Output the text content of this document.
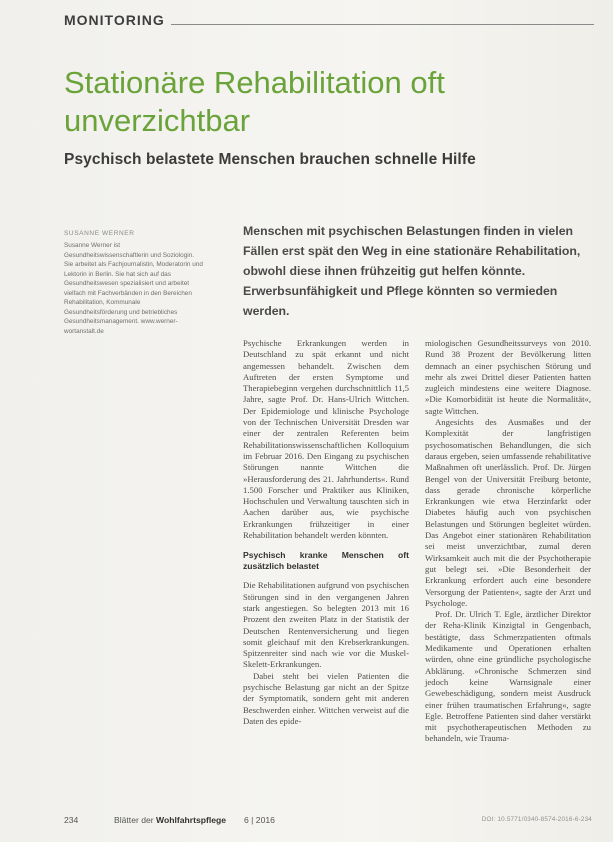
MONITORING
Stationäre Rehabilitation oft unverzichtbar
Psychisch belastete Menschen brauchen schnelle Hilfe
SUSANNE WERNER
Susanne Werner ist Gesundheitswissenschaftlerin und Soziologin. Sie arbeitet als Fachjournalistin, Moderatorin und Lektorin in Berlin. Sie hat sich auf das Gesundheitswesen spezialisiert und arbeitet vielfach mit Fachverbänden in den Bereichen Rehabilitation, Kommunale Gesundheitsförderung und betriebliches Gesundheitsmanagement. www.werner-wortanstalt.de
Menschen mit psychischen Belastungen finden in vielen Fällen erst spät den Weg in eine stationäre Rehabilitation, obwohl diese ihnen frühzeitig gut helfen könnte. Erwerbsunfähigkeit und Pflege könnten so vermieden werden.

Psychische Erkrankungen werden in Deutschland zu spät erkannt und nicht angemessen behandelt. Zwischen dem Auftreten der ersten Symptome und Therapiebeginn vergehen durchschnittlich 11,5 Jahre, sagte Prof. Dr. Hans-Ulrich Wittchen. Der Epidemiologe und klinische Psychologe von der Technischen Universität Dresden war einer der zentralen Referenten beim Rehabilitationswissenschaftlichen Kolloquium im Februar 2016. Den Eingang zu psychischen Störungen nannte Wittchen die »Herausforderung des 21. Jahrhunderts«. Rund 1.500 Forscher und Praktiker aus Kliniken, Hochschulen und Verwaltung tauschten sich in Aachen darüber aus, wie psychische Erkrankungen frühzeitiger in einer Rehabilitation behandelt werden könnten.

Psychisch kranke Menschen oft zusätzlich belastet

Die Rehabilitationen aufgrund von psychischen Störungen sind in den vergangenen Jahren stark angestiegen. So belegten 2013 mit 16 Prozent den zweiten Platz in der Statistik der Deutschen Rentenversicherung und liegen somit gleichauf mit den Krebserkrankungen. Spitzenreiter sind nach wie vor die Muskel-Skelett-Erkrankungen.

Dabei steht bei vielen Patienten die psychische Belastung gar nicht an der Spitze der Symptomatik, sondern geht mit anderen Beschwerden einher. Wittchen verweist auf die Daten des epide-

miologischen Gesundheitssurveys von 2010. Rund 38 Prozent der Bevölkerung litten demnach an einer psychischen Störung und mehr als zwei Drittel dieser Patienten hatten zugleich mindestens eine weitere Diagnose. »Die Komorbidität ist heute die Normalität«, sagte Wittchen.

Angesichts des Ausmaßes und der Komplexität der langfristigen psychosomatischen Behandlungen, die sich daraus ergeben, seien umfassende rehabilitative Maßnahmen oft unerlässlich. Prof. Dr. Jürgen Bengel von der Universität Freiburg betonte, dass gerade chronische körperliche Erkrankungen wie etwa Herzinfarkt oder Diabetes häufig auch von psychischen Belastungen und Störungen begleitet würden. Das Angebot einer stationären Rehabilitation sei meist unverzichtbar, zumal deren Wirksamkeit auch mit die der Psychotherapie gut belegt sei. »Die Besonderheit der Erkrankung erfordert auch eine besondere Versorgung der Patienten«, sagte der Arzt und Psychologe.

Prof. Dr. Ulrich T. Egle, ärztlicher Direktor der Reha-Klinik Kinzigtal in Gengenbach, bestätigte, dass Schmerzpatienten oftmals Medikamente und Operationen erhalten würden, ohne eine gründliche psychologische Abklärung. »Chronische Schmerzen sind jedoch keine Warnsignale einer Gewebeschädigung, sondern meist Ausdruck einer frühen traumatischen Erfahrung«, sagte Egle. Betroffene Patienten sind daher verstärkt mit psychotherapeutischen Methoden zu behandeln, wie Trauma-

234	Blätter der Wohlfahrtspflege 6 | 2016	DOI: 10.5771/0340-8574-2016-6-234
